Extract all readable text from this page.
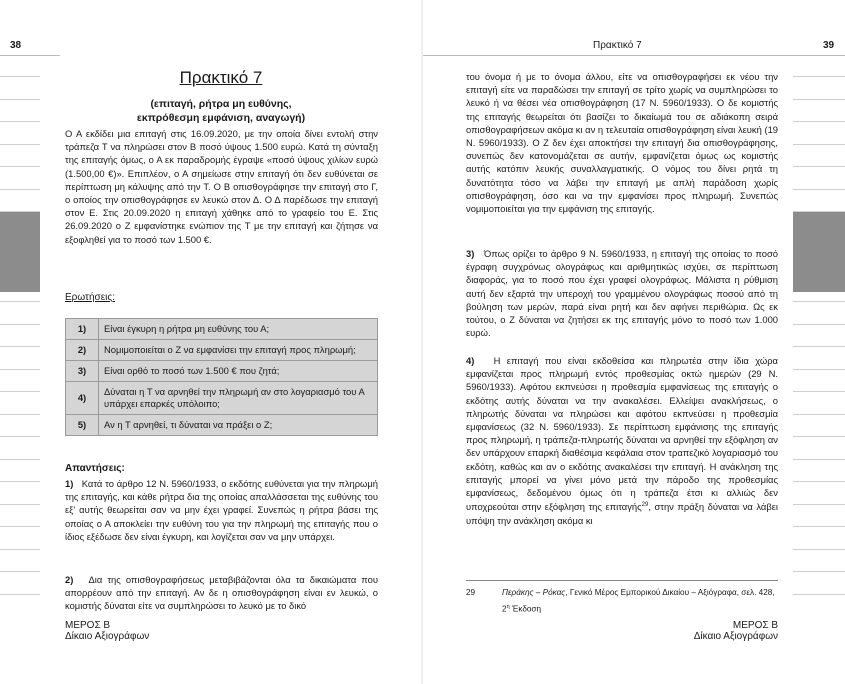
38
Πρακτικό 7
(επιταγή, ρήτρα μη ευθύνης,
εκπρόθεσμη εμφάνιση, αναγωγή)
Ο Α εκδίδει μια επιταγή στις 16.09.2020, με την οποία δίνει εντολή στην τράπεζα Τ να πληρώσει στον Β ποσό ύψους 1.500 ευρώ. Κατά τη σύνταξη της επιταγής όμως, ο Α εκ παραδρομής έγραψε «ποσό ύψους χιλίων ευρώ (1.500,00 €)». Επιπλέον, ο Α σημείωσε στην επιταγή ότι δεν ευθύνεται σε περίπτωση μη κάλυψης από την Τ. Ο Β οπισθογράφησε την επιταγή στο Γ, ο οποίος την οπισθογράφησε εν λευκώ στον Δ. Ο Δ παρέδωσε την επιταγή στον Ε. Στις 20.09.2020 η επιταγή χάθηκε από το γραφείο του Ε. Στις 26.09.2020 ο Ζ εμφανίστηκε ενώπιον της Τ με την επιταγή και ζήτησε να εξοφληθεί για το ποσό των 1.500 €.
Ερωτήσεις:
1)	Είναι έγκυρη η ρήτρα μη ευθύνης του Α;
2)	Νομιμοποιείται ο Ζ να εμφανίσει την επιταγή προς πληρωμή;
3)	Είναι ορθό το ποσό των 1.500 € που ζητά;
4)	Δύναται η Τ να αρνηθεί την πληρωμή αν στο λογαριασμό του Α υπάρχει επαρκές υπόλοιπο;
5)	Αν η Τ αρνηθεί, τι δύναται να πράξει ο Ζ;
Απαντήσεις:

1) Κατά το άρθρο 12 Ν. 5960/1933, ο εκδότης ευθύνεται για την πληρωμή της επιταγής, και κάθε ρήτρα δια της οποίας απαλλάσσεται της ευθύνης του εξ' αυτής θεωρείται σαν να μην έχει γραφεί. Συνεπώς η ρήτρα βάσει της οποίας ο Α αποκλείει την ευθύνη του για την πληρωμή της επιταγής που ο ίδιος εξέδωσε δεν είναι έγκυρη, και λογίζεται σαν να μην υπάρχει.

2) Δια της οπισθογραφήσεως μεταβιβάζονται όλα τα δικαιώματα που απορρέουν από την επιταγή. Αν δε η οπισθογράφηση είναι εν λευκώ, ο κομιστής δύναται είτε να συμπληρώσει το λευκό με το δικό

ΜΕΡΟΣ Β
Δίκαιο Αξιογράφων
Πρακτικό 7	39
του όνομα ή με το όνομα άλλου, είτε να οπισθογραφήσει εκ νέου την επιταγή είτε να παραδώσει την επιταγή σε τρίτο χωρίς να συμπληρώσει το λευκό ή να θέσει νέα οπισθογράφηση (17 Ν. 5960/1933). Ο δε κομιστής της επιταγής θεωρείται ότι βασίζει το δικαίωμά του σε αδιάκοπη σειρά οπισθογραφήσεων ακόμα κι αν η τελευταία οπισθογράφηση είναι λευκή (19 Ν. 5960/1933). Ο Ζ δεν έχει αποκτήσει την επιταγή δια οπισθογράφησης, συνεπώς δεν κατονομάζεται σε αυτήν, εμφανίζεται όμως ως κομιστής αυτής κατόπιν λευκής συναλλαγματικής. Ο νόμος του δίνει ρητά τη δυνατότητα τόσο να λάβει την επιταγή με απλή παράδοση χωρίς οπισθογράφηση, όσο και να την εμφανίσει προς πληρωμή. Συνεπώς νομιμοποιείται για την εμφάνιση της επιταγής.

3) Όπως ορίζει το άρθρο 9 Ν. 5960/1933, η επιταγή της οποίας το ποσό έγραφη συγχρόνως ολογράφως και αριθμητικώς ισχύει, σε περίπτωση διαφοράς, για το ποσό που έχει γραφεί ολογράφως. Μάλιστα η ρύθμιση αυτή δεν εξαρτά την υπεροχή του γραμμένου ολογράφως ποσού από τη βούληση των μερών, παρά είναι ρητή και δεν αφήνει περιθώρια. Ως εκ τούτου, ο Ζ δύναται να ζητήσει εκ της επιταγής μόνο το ποσό των 1.000 ευρώ.

4) Η επιταγή που είναι εκδοθείσα και πληρωτέα στην ίδια χώρα εμφανίζεται προς πληρωμή εντός προθεσμίας οκτώ ημερών (29 Ν. 5960/1933). Αφότου εκπνεύσει η προθεσμία εμφανίσεως της επιταγής ο εκδότης αυτής δύναται να την ανακαλέσει. Ελλείψει ανακλήσεως, ο πληρωτής δύναται να πληρώσει και αφότου εκπνεύσει η προθεσμία εμφανίσεως (32 Ν. 5960/1933). Σε περίπτωση εμφάνισης της επιταγής προς πληρωμή, η τράπεζα-πληρωτής δύναται να αρνηθεί την εξόφληση αν δεν υπάρχουν επαρκή διαθέσιμα κεφάλαια στον τραπεζικό λογαριασμό του εκδότη, καθώς και αν ο εκδότης ανακαλέσει την επιταγή. Η ανάκληση της επιταγής μπορεί να γίνει μόνο μετά την πάροδο της προθεσμίας εμφανίσεως, δεδομένου όμως ότι η τράπεζα έτσι κι αλλιώς δεν υποχρεούται στην εξόφληση της επιταγής$^{29}$, στην πράξη δύναται να λάβει υπόψη την ανάκληση ακόμα κι

29	Περάκης – Ρόκας, Γενικό Μέρος Εμπορικού Δικαίου – Αξιόγραφα, σελ. 428,
$2^\eta$ Έκδοση
ΜΕΡΟΣ Β
Δίκαιο Αξιογράφων
